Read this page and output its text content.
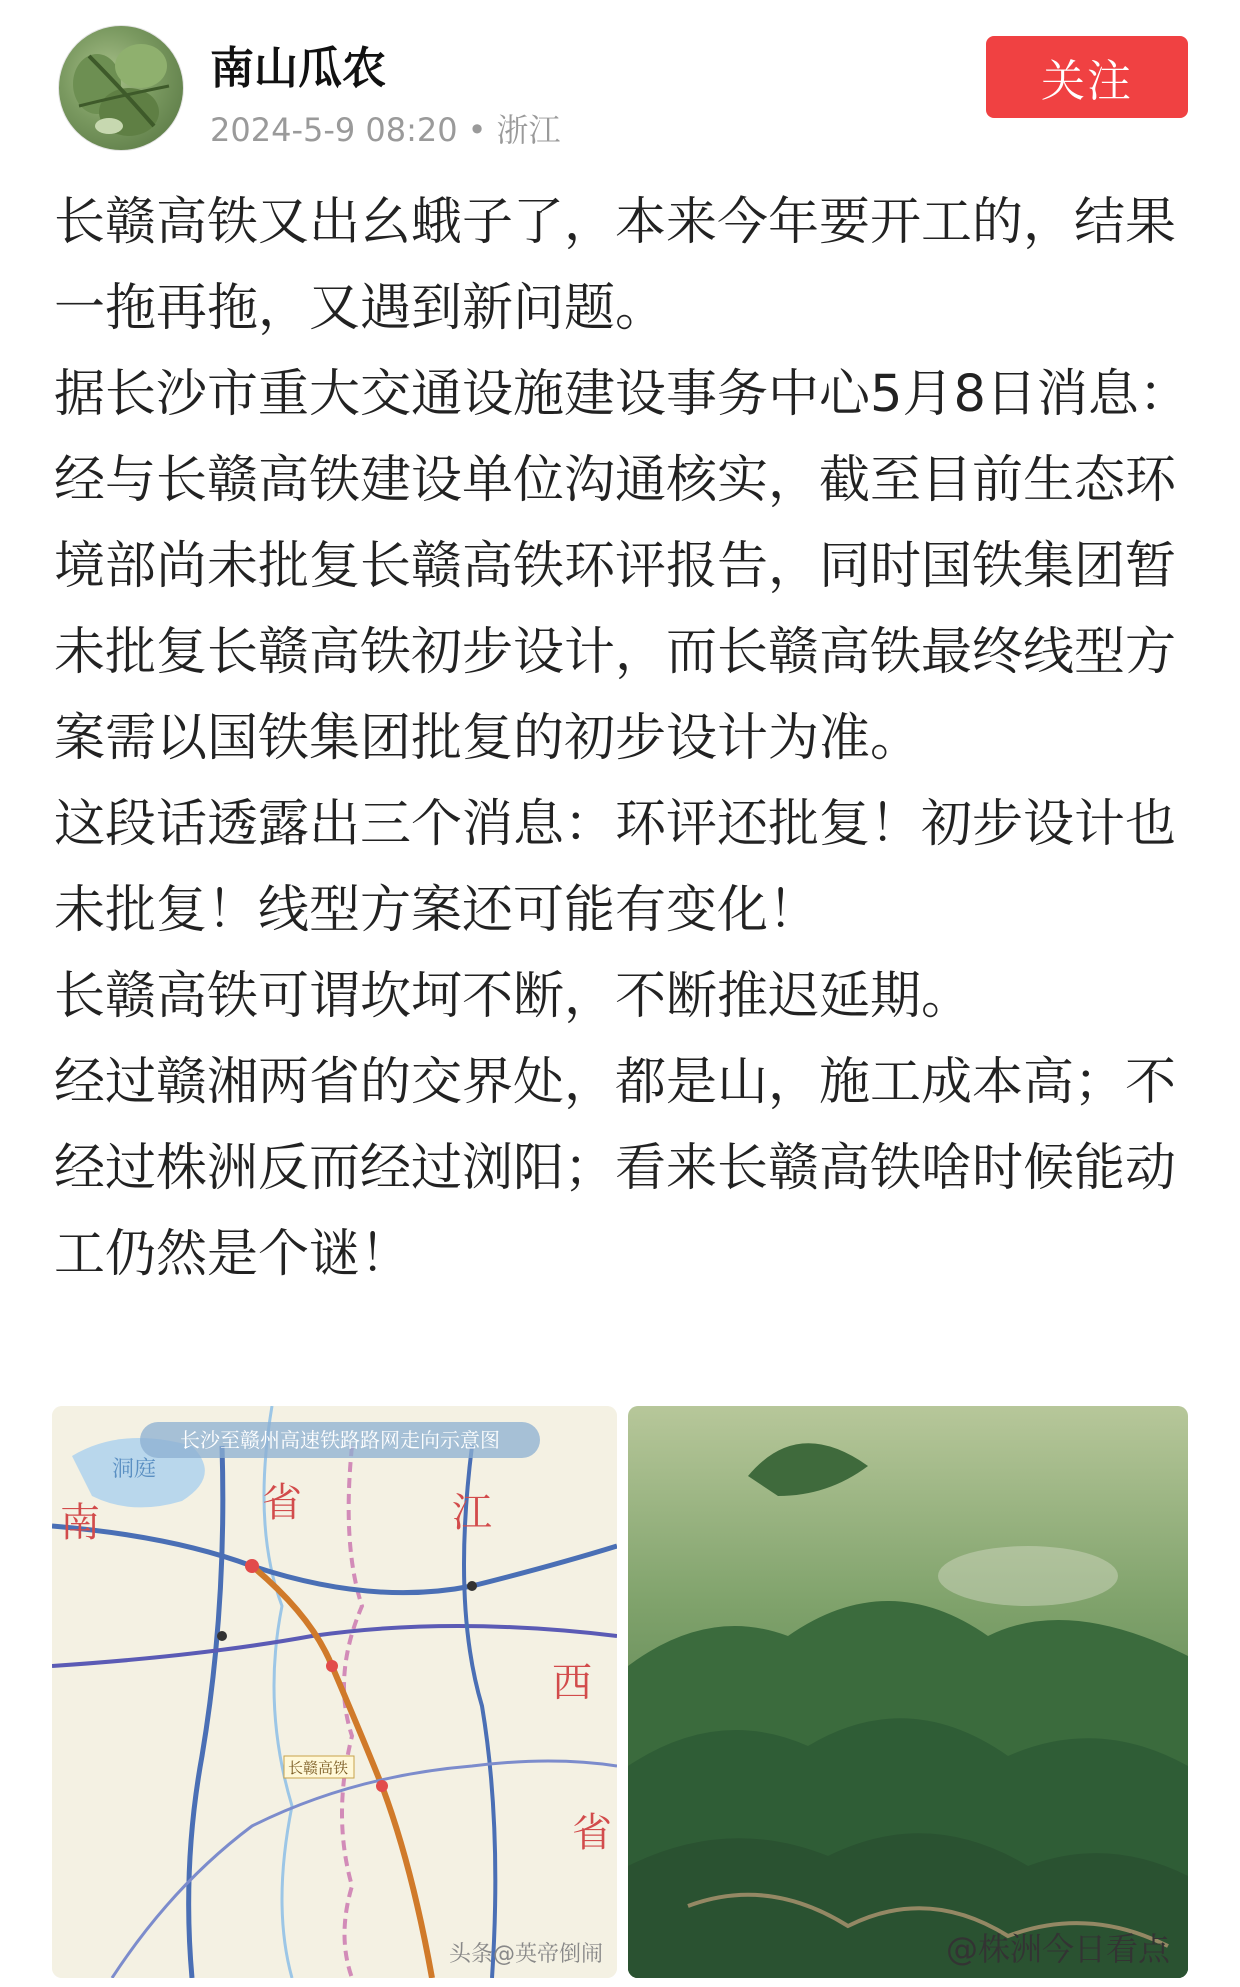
南山瓜农
2024-5-9 08:20 • 浙江
关注

长赣高铁又出幺蛾子了，本来今年要开工的，结果一拖再拖，又遇到新问题。

据长沙市重大交通设施建设事务中心5月8日消息：经与长赣高铁建设单位沟通核实，截至目前生态环境部尚未批复长赣高铁环评报告，同时国铁集团暂未批复长赣高铁初步设计，而长赣高铁最终线型方案需以国铁集团批复的初步设计为准。

这段话透露出三个消息：环评还批复！初步设计也未批复！线型方案还可能有变化！

长赣高铁可谓坎坷不断，不断推迟延期。

经过赣湘两省的交界处，都是山，施工成本高；不经过株洲反而经过浏阳；看来长赣高铁啥时候能动工仍然是个谜！

南	省	江
西
省
洞庭
长赣高铁
长沙至赣州高速铁路路网走向示意图
头条@英帝倒闹	@株洲今日看点
